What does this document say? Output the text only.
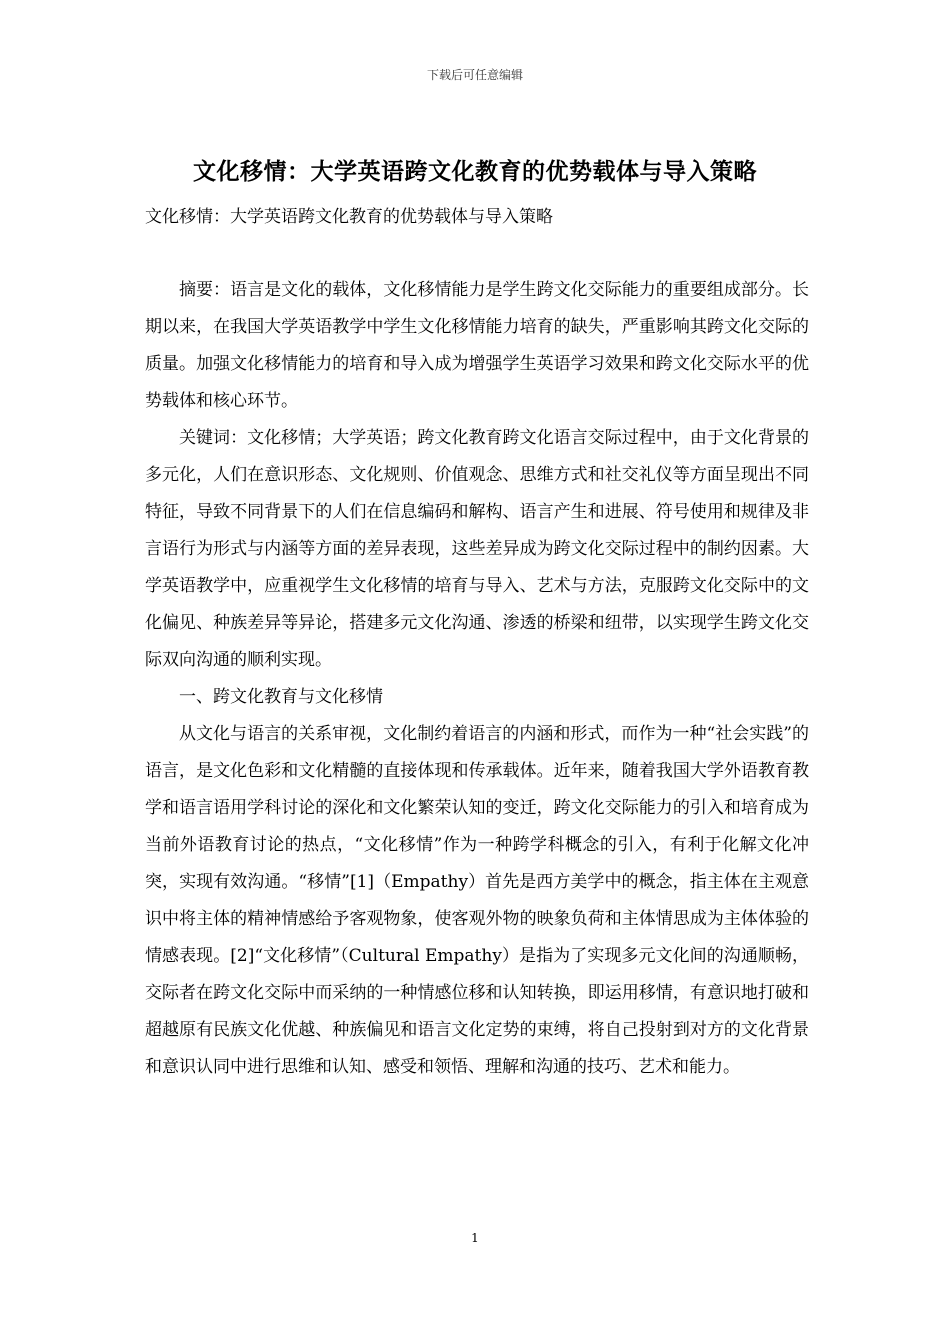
下载后可任意编辑
文化移情：大学英语跨文化教育的优势载体与导入策略
文化移情：大学英语跨文化教育的优势载体与导入策略

摘要：语言是文化的载体，文化移情能力是学生跨文化交际能力的重要组成部分。长期以来，在我国大学英语教学中学生文化移情能力培育的缺失，严重影响其跨文化交际的质量。加强文化移情能力的培育和导入成为增强学生英语学习效果和跨文化交际水平的优势载体和核心环节。

关键词：文化移情；大学英语；跨文化教育跨文化语言交际过程中，由于文化背景的多元化，人们在意识形态、文化规则、价值观念、思维方式和社交礼仪等方面呈现出不同特征，导致不同背景下的人们在信息编码和解构、语言产生和进展、符号使用和规律及非言语行为形式与内涵等方面的差异表现，这些差异成为跨文化交际过程中的制约因素。大学英语教学中，应重视学生文化移情的培育与导入、艺术与方法，克服跨文化交际中的文化偏见、种族差异等异论，搭建多元文化沟通、渗透的桥梁和纽带，以实现学生跨文化交际双向沟通的顺利实现。

一、跨文化教育与文化移情

从文化与语言的关系审视，文化制约着语言的内涵和形式，而作为一种“社会实践”的语言，是文化色彩和文化精髓的直接体现和传承载体。近年来，随着我国大学外语教育教学和语言语用学科讨论的深化和文化繁荣认知的变迁，跨文化交际能力的引入和培育成为当前外语教育讨论的热点，“文化移情”作为一种跨学科概念的引入，有利于化解文化冲突，实现有效沟通。“移情”[1]（Empathy）首先是西方美学中的概念，指主体在主观意识中将主体的精神情感给予客观物象，使客观外物的映象负荷和主体情思成为主体体验的情感表现。[2]“文化移情”（Cultural Empathy）是指为了实现多元文化间的沟通顺畅，交际者在跨文化交际中而采纳的一种情感位移和认知转换，即运用移情，有意识地打破和超越原有民族文化优越、种族偏见和语言文化定势的束缚，将自己投射到对方的文化背景和意识认同中进行思维和认知、感受和领悟、理解和沟通的技巧、艺术和能力。

1
